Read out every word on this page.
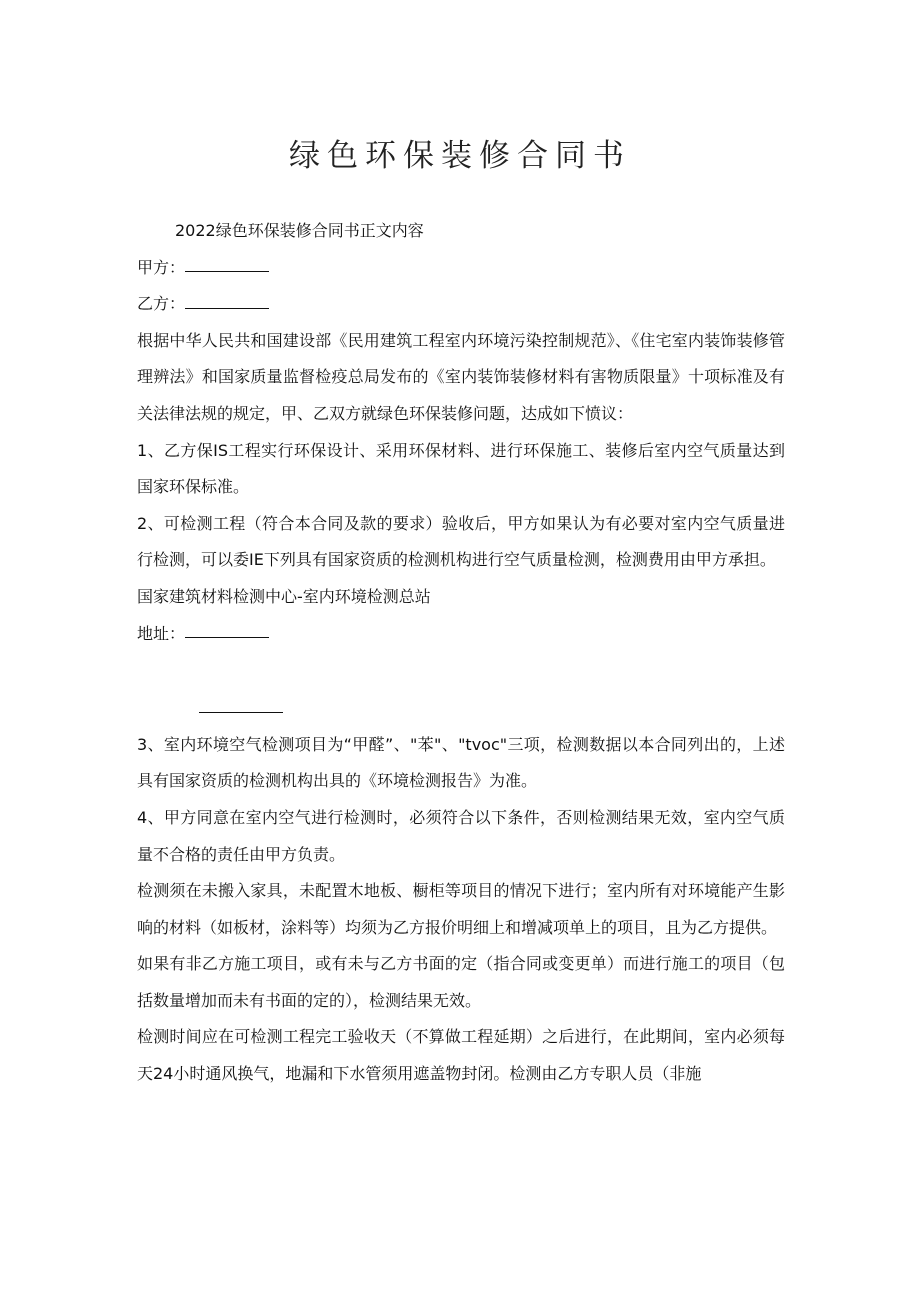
绿色环保装修合同书

2022绿色环保装修合同书正文内容

甲方：

乙方：

根据中华人民共和国建设部《民用建筑工程室内环境污染控制规范》、《住宅室内装饰装修管理辨法》和国家质量监督检疫总局发布的《室内装饰装修材料有害物质限量》十项标准及有关法律法规的规定，甲、乙双方就绿色环保装修问题，达成如下愤议：

1、乙方保IS工程实行环保设计、采用环保材料、进行环保施工、装修后室内空气质量达到国家环保标准。

2、可检测工程（符合本合同及款的要求）验收后，甲方如果认为有必要对室内空气质量进行检测，可以委IE下列具有国家资质的检测机构进行空气质量检测，检测费用由甲方承担。

国家建筑材料检测中心-室内环境检测总站

地址：

3、室内环境空气检测项目为“甲醛”、"苯"、"tvoc"三项，检测数据以本合同列出的，上述具有国家资质的检测机构出具的《环境检测报告》为准。

4、甲方同意在室内空气进行检测时，必须符合以下条件，否则检测结果无效，室内空气质量不合格的责任由甲方负责。

检测须在未搬入家具，未配置木地板、橱柜等项目的情况下进行；室内所有对环境能产生影响的材料（如板材，涂料等）均须为乙方报价明细上和增减项单上的项目，且为乙方提供。

如果有非乙方施工项目，或有未与乙方书面的定（指合同或变更单）而进行施工的项目（包括数量增加而未有书面的定的），检测结果无效。

检测时间应在可检测工程完工验收天（不算做工程延期）之后进行，在此期间，室内必须每天24小时通风换气，地漏和下水管须用遮盖物封闭。检测由乙方专职人员（非施
